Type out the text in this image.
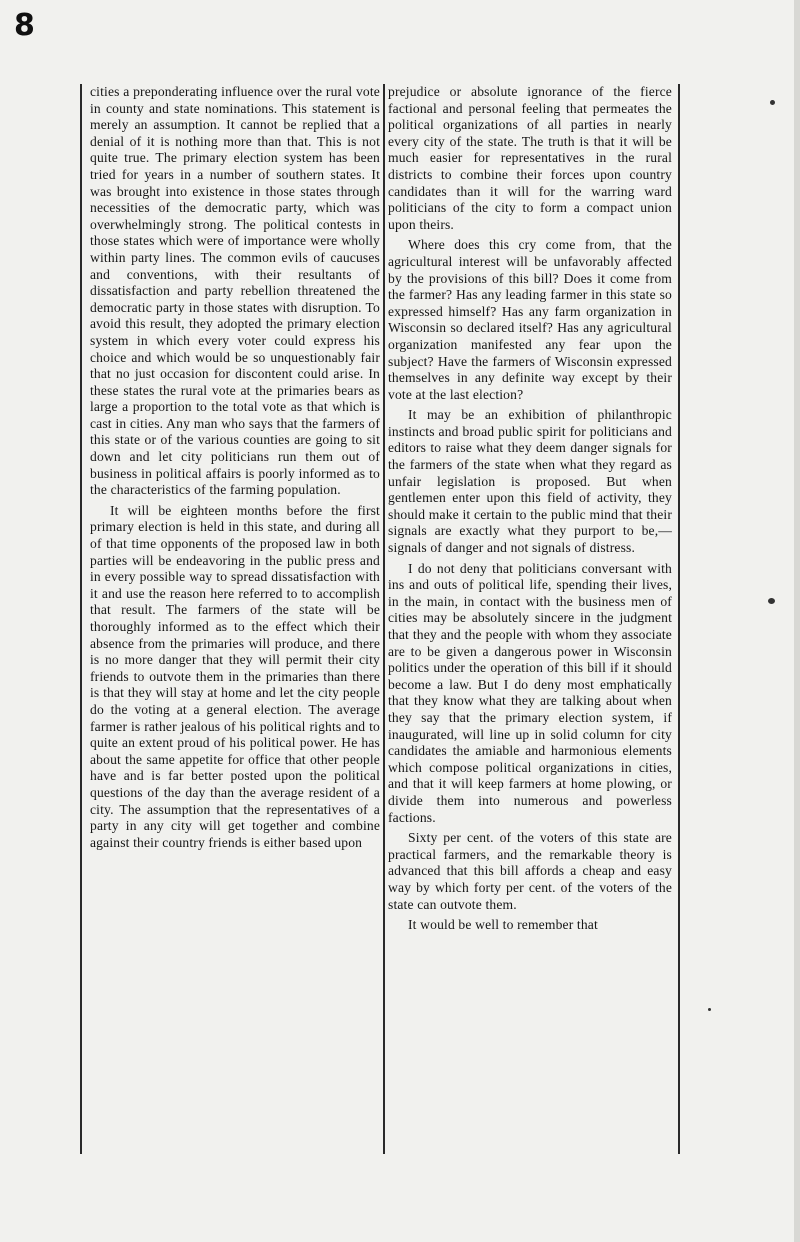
8

cities a preponderating influence over the rural vote in county and state nominations. This statement is merely an assumption. It cannot be replied that a denial of it is nothing more than that. This is not quite true. The primary election system has been tried for years in a number of southern states. It was brought into existence in those states through necessities of the democratic party, which was overwhelmingly strong. The political contests in those states which were of importance were wholly within party lines. The common evils of caucuses and conventions, with their resultants of dissatisfaction and party rebellion threatened the democratic party in those states with disruption. To avoid this result, they adopted the primary election system in which every voter could express his choice and which would be so unquestionably fair that no just occasion for discontent could arise. In these states the rural vote at the primaries bears as large a proportion to the total vote as that which is cast in cities. Any man who says that the farmers of this state or of the various counties are going to sit down and let city politicians run them out of business in political affairs is poorly informed as to the characteristics of the farming population.

It will be eighteen months before the first primary election is held in this state, and during all of that time opponents of the proposed law in both parties will be endeavoring in the public press and in every possible way to spread dissatisfaction with it and use the reason here referred to to accomplish that result. The farmers of the state will be thoroughly informed as to the effect which their absence from the primaries will produce, and there is no more danger that they will permit their city friends to outvote them in the primaries than there is that they will stay at home and let the city people do the voting at a general election. The average farmer is rather jealous of his political rights and to quite an extent proud of his political power. He has about the same appetite for office that other people have and is far better posted upon the political questions of the day than the average resident of a city. The assumption that the representatives of a party in any city will get together and combine against their country friends is either based upon

prejudice or absolute ignorance of the fierce factional and personal feeling that permeates the political organizations of all parties in nearly every city of the state. The truth is that it will be much easier for representatives in the rural districts to combine their forces upon country candidates than it will for the warring ward politicians of the city to form a compact union upon theirs.

Where does this cry come from, that the agricultural interest will be unfavorably affected by the provisions of this bill? Does it come from the farmer? Has any leading farmer in this state so expressed himself? Has any farm organization in Wisconsin so declared itself? Has any agricultural organization manifested any fear upon the subject? Have the farmers of Wisconsin expressed themselves in any definite way except by their vote at the last election?

It may be an exhibition of philanthropic instincts and broad public spirit for politicians and editors to raise what they deem danger signals for the farmers of the state when what they regard as unfair legislation is proposed. But when gentlemen enter upon this field of activity, they should make it certain to the public mind that their signals are exactly what they purport to be,—signals of danger and not signals of distress.

I do not deny that politicians conversant with ins and outs of political life, spending their lives, in the main, in contact with the business men of cities may be absolutely sincere in the judgment that they and the people with whom they associate are to be given a dangerous power in Wisconsin politics under the operation of this bill if it should become a law. But I do deny most emphatically that they know what they are talking about when they say that the primary election system, if inaugurated, will line up in solid column for city candidates the amiable and harmonious elements which compose political organizations in cities, and that it will keep farmers at home plowing, or divide them into numerous and powerless factions.

Sixty per cent. of the voters of this state are practical farmers, and the remarkable theory is advanced that this bill affords a cheap and easy way by which forty per cent. of the voters of the state can outvote them.

It would be well to remember that
